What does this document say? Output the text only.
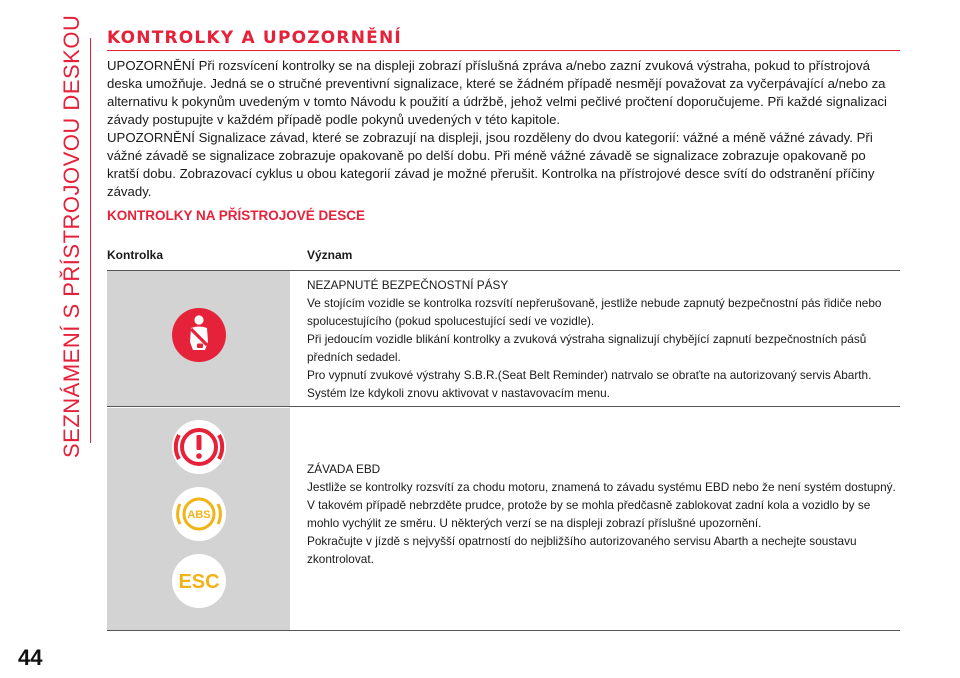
SEZNÁMENÍ S PŘÍSTROJOVOU DESKOU
44
KONTROLKY A UPOZORNĚNÍ

UPOZORNĚNÍ Při rozsvícení kontrolky se na displeji zobrazí příslušná zpráva a/nebo zazní zvuková výstraha, pokud to přístrojová deska umožňuje. Jedná se o stručné preventivní signalizace, které se žádném případě nesmějí považovat za vyčerpávající a/nebo za alternativu k pokynům uvedeným v tomto Návodu k použití a údržbě, jehož velmi pečlivé pročtení doporučujeme. Při každé signalizaci závady postupujte v každém případě podle pokynů uvedených v této kapitole.

UPOZORNĚNÍ Signalizace závad, které se zobrazují na displeji, jsou rozděleny do dvou kategorií: vážné a méně vážné závady. Při vážné závadě se signalizace zobrazuje opakovaně po delší dobu. Při méně vážné závadě se signalizace zobrazuje opakovaně po kratší dobu. Zobrazovací cyklus u obou kategorií závad je možné přerušit. Kontrolka na přístrojové desce svítí do odstranění příčiny závady.

KONTROLKY NA PŘÍSTROJOVÉ DESCE
Kontrolka	Význam
NEZAPNUTÉ BEZPEČNOSTNÍ PÁSY
Ve stojícím vozidle se kontrolka rozsvítí nepřerušovaně, jestliže nebude zapnutý bezpečnostní pás řidiče nebo spolucestujícího (pokud spolucestující sedí ve vozidle).
Při jedoucím vozidle blikání kontrolky a zvuková výstraha signalizují chybějící zapnutí bezpečnostních pásů předních sedadel.
Pro vypnutí zvukové výstrahy S.B.R.(Seat Belt Reminder) natrvalo se obraťte na autorizovaný servis Abarth. Systém lze kdykoli znovu aktivovat v nastavovacím menu.
ABS
ESC
ZÁVADA EBD
Jestliže se kontrolky rozsvítí za chodu motoru, znamená to závadu systému EBD nebo že není systém dostupný. V takovém případě nebrzděte prudce, protože by se mohla předčasně zablokovat zadní kola a vozidlo by se mohlo vychýlit ze směru. U některých verzí se na displeji zobrazí příslušné upozornění.
Pokračujte v jízdě s nejvyšší opatrností do nejbližšího autorizovaného servisu Abarth a nechejte soustavu zkontrolovat.
